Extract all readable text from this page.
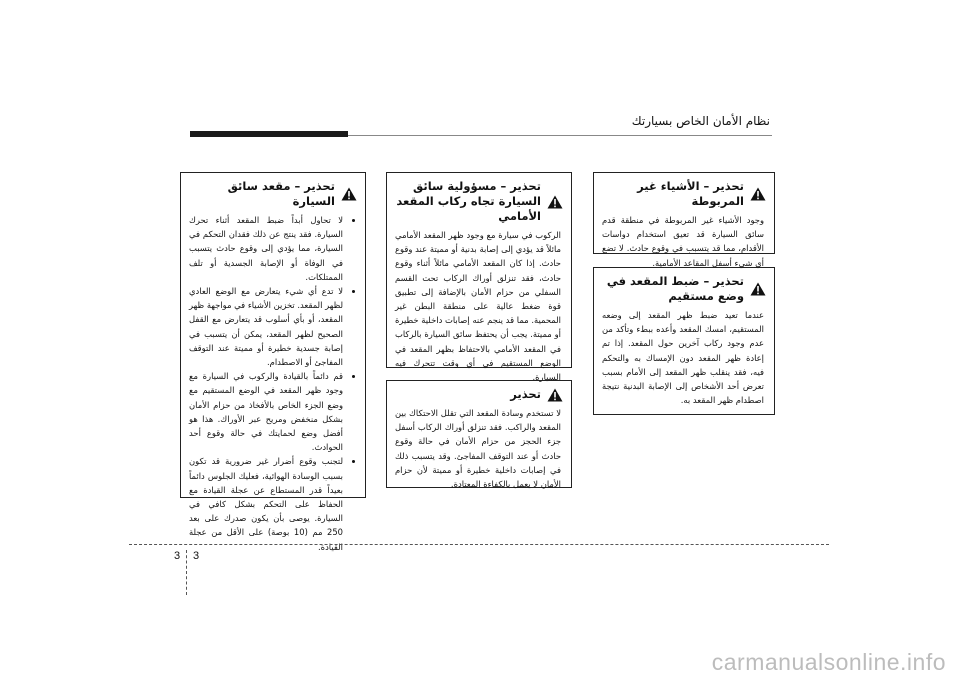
نظام الأمان الخاص بسيارتك
تحذير – الأشياء غير المربوطة

وجود الأشياء غير المربوطة في منطقة قدم سائق السيارة قد تعيق استخدام دواسات الأقدام، مما قد يتسبب في وقوع حادث. لا تضع أي شيء أسفل المقاعد الأمامية.

تحذير – ضبط المقعد في وضع مستقيم

عندما تعيد ضبط ظهر المقعد إلى وضعه المستقيم، امسك المقعد وأعده ببطء وتأكد من عدم وجود ركاب آخرين حول المقعد. إذا تم إعادة ظهر المقعد دون الإمساك به والتحكم فيه، فقد ينقلب ظهر المقعد إلى الأمام بسبب تعرض أحد الأشخاص إلى الإصابة البدنية نتيجة اصطدام ظهر المقعد به.

تحذير – مسؤولية سائق السيارة تجاه ركاب المقعد الأمامي

الركوب في سيارة مع وجود ظهر المقعد الأمامي مائلاً قد يؤدي إلى إصابة بدنية أو مميتة عند وقوع حادث. إذا كان المقعد الأمامي مائلاً أثناء وقوع حادث، فقد تنزلق أوراك الركاب تحت القسم السفلي من حزام الأمان بالإضافة إلى تطبيق قوة ضغط عالية على منطقة البطن غير المحمية. مما قد ينجم عنه إصابات داخلية خطيرة أو مميتة. يجب أن يحتفظ سائق السيارة بالركاب في المقعد الأمامي بالاحتفاظ بظهر المقعد في الوضع المستقيم في أي وقت تتحرك فيه السيارة.

تحذير

لا تستخدم وسادة المقعد التي تقلل الاحتكاك بين المقعد والراكب. فقد تنزلق أوراك الركاب أسفل جزء الحجز من حزام الأمان في حالة وقوع حادث أو عند التوقف المفاجئ. وقد يتسبب ذلك في إصابات داخلية خطيرة أو مميتة لأن حزام الأمان لا يعمل بالكفاءة المعتادة.

تحذير – مقعد سائق السيارة
• لا تحاول أبداً ضبط المقعد أثناء تحرك السيارة. فقد ينتج عن ذلك فقدان التحكم في السيارة، مما يؤدي إلى وقوع حادث يتسبب في الوفاة أو الإصابة الجسدية أو تلف الممتلكات.
• لا تدع أي شيء يتعارض مع الوضع العادي لظهر المقعد. تخزين الأشياء في مواجهة ظهر المقعد، أو بأي أسلوب قد يتعارض مع القفل الصحيح لظهر المقعد، يمكن أن يتسبب في إصابة جسدية خطيرة أو مميتة عند التوقف المفاجئ أو الاصطدام.
• قم دائماً بالقيادة والركوب في السيارة مع وجود ظهر المقعد في الوضع المستقيم مع وضع الجزء الخاص بالأفخاذ من حزام الأمان بشكل منخفض ومريح عبر الأوراك. هذا هو أفضل وضع لحمايتك في حالة وقوع أحد الحوادث.
• لتجنب وقوع أضرار غير ضرورية قد تكون بسبب الوسادة الهوائية، فعليك الجلوس دائماً بعيداً قدر المستطاع عن عجلة القيادة مع الحفاظ على التحكم بشكل كافي في السيارة. يوصى بأن يكون صدرك على بعد 250 مم (10 بوصة) على الأقل من عجلة القيادة.
3 3
carmanualsonline.info
